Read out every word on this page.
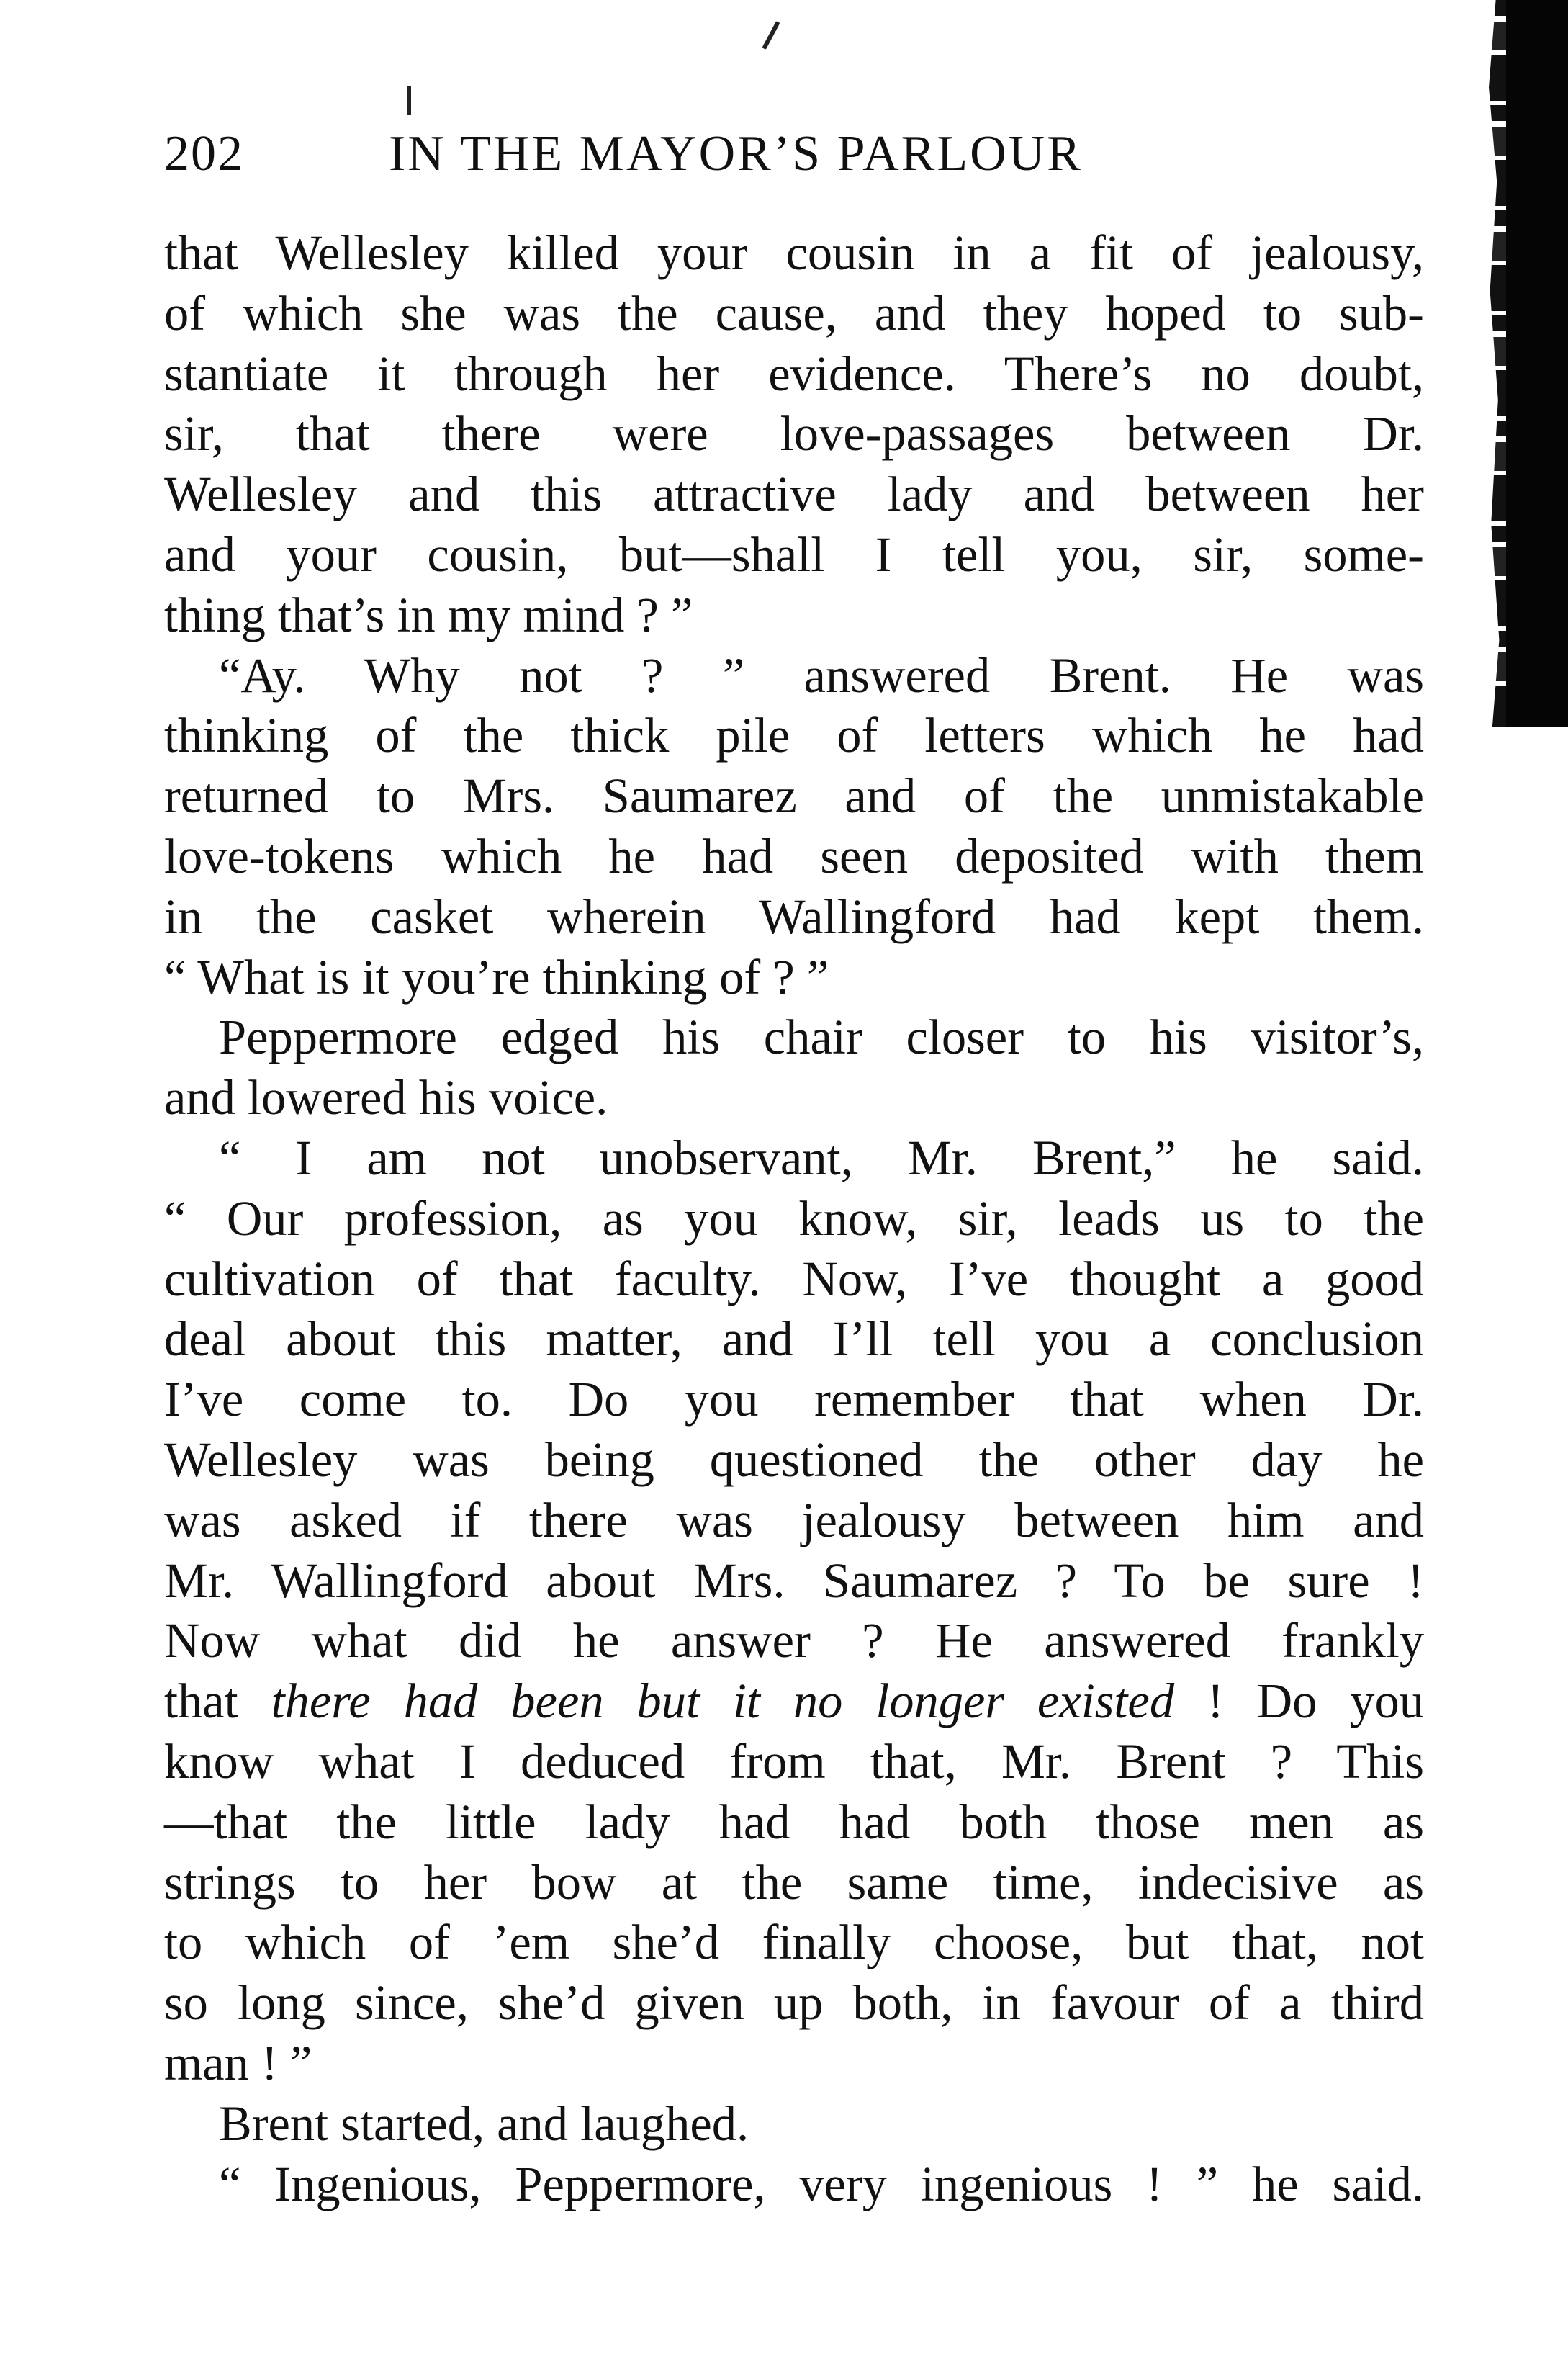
202	IN THE MAYOR’S PARLOUR
that Wellesley killed your cousin in a fit of jealousy,
of which she was the cause, and they hoped to sub-
stantiate it through her evidence. There’s no doubt,
sir, that there were love-passages between Dr.
Wellesley and this attractive lady and between her
and your cousin, but—shall I tell you, sir, some-
thing that’s in my mind ? ”
“Ay. Why not ? ” answered Brent. He was
thinking of the thick pile of letters which he had
returned to Mrs. Saumarez and of the unmistakable
love-tokens which he had seen deposited with them
in the casket wherein Wallingford had kept them.
“ What is it you’re thinking of ? ”
Peppermore edged his chair closer to his visitor’s,
and lowered his voice.
“ I am not unobservant, Mr. Brent,” he said.
“ Our profession, as you know, sir, leads us to the
cultivation of that faculty. Now, I’ve thought a good
deal about this matter, and I’ll tell you a conclusion
I’ve come to. Do you remember that when Dr.
Wellesley was being questioned the other day he
was asked if there was jealousy between him and
Mr. Wallingford about Mrs. Saumarez ? To be sure !
Now what did he answer ? He answered frankly
that there had been but it no longer existed ! Do you
know what I deduced from that, Mr. Brent ? This
—that the little lady had had both those men as
strings to her bow at the same time, indecisive as
to which of ’em she’d finally choose, but that, not
so long since, she’d given up both, in favour of a third
man ! ”
Brent started, and laughed.
“ Ingenious, Peppermore, very ingenious ! ” he said.
